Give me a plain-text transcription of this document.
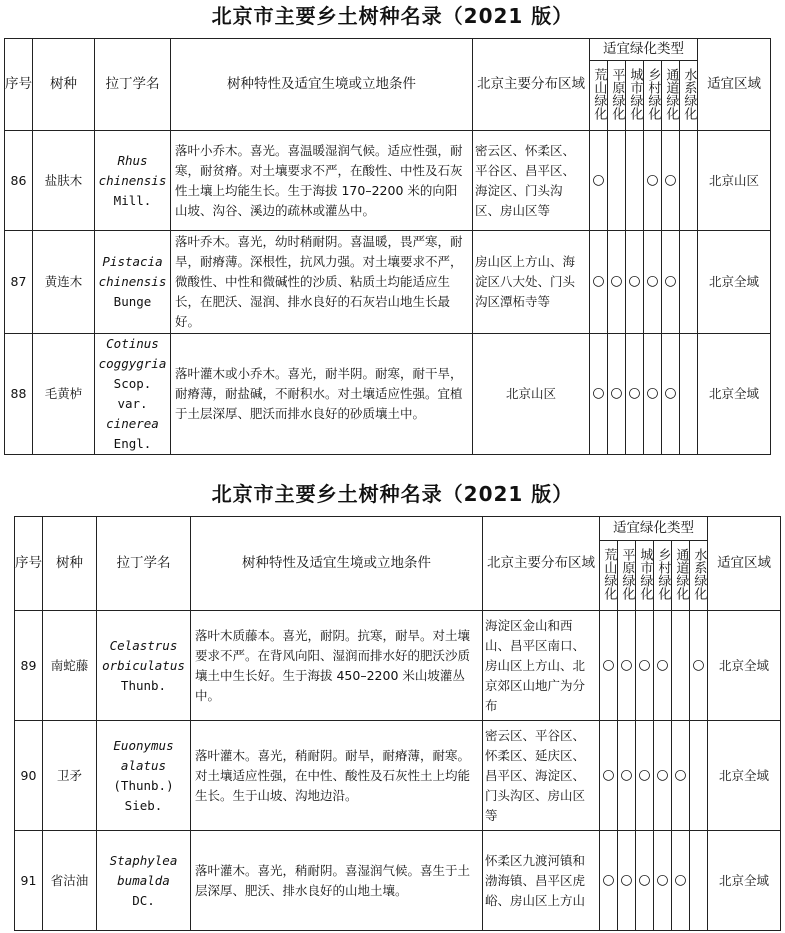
北京市主要乡土树种名录（2021 版）
序号	树种	拉丁学名	树种特性及适宜生境或立地条件	北京主要分布区域	适宜绿化类型						适宜区域
					荒山绿化	平原绿化	城市绿化	乡村绿化	通道绿化	水系绿化	
86	盐肤木	Rhus
chinensis
Mill.	落叶小乔木。喜光。喜温暖湿润气候。适应性强，耐寒，耐贫瘠。对土壤要求不严，在酸性、中性及石灰性土壤上均能生长。生于海拔 170–2200 米的向阳山坡、沟谷、溪边的疏林或灌丛中。	密云区、怀柔区、平谷区、昌平区、海淀区、门头沟区、房山区等	○			○	○		北京山区
87	黄连木	Pistacia
chinensis
Bunge	落叶乔木。喜光，幼时稍耐阴。喜温暖，畏严寒，耐旱，耐瘠薄。深根性，抗风力强。对土壤要求不严，微酸性、中性和微碱性的沙质、粘质土均能适应生长，在肥沃、湿润、排水良好的石灰岩山地生长最好。	房山区上方山、海淀区八大处、门头沟区潭柘寺等	○	○	○	○	○		北京全域
88	毛黄栌	Cotinus
coggygria
Scop. var.
cinerea
Engl.	落叶灌木或小乔木。喜光，耐半阴。耐寒，耐干旱，耐瘠薄，耐盐碱，不耐积水。对土壤适应性强。宜植于土层深厚、肥沃而排水良好的砂质壤土中。	北京山区	○	○	○	○	○		北京全域
北京市主要乡土树种名录（2021 版）
序号	树种	拉丁学名	树种特性及适宜生境或立地条件	北京主要分布区域	适宜绿化类型						适宜区域
					荒山绿化	平原绿化	城市绿化	乡村绿化	通道绿化	水系绿化	
89	南蛇藤	Celastrus
orbiculatus
Thunb.	落叶木质藤本。喜光，耐阴。抗寒，耐旱。对土壤要求不严。在背风向阳、湿润而排水好的肥沃沙质壤土中生长好。生于海拔 450–2200 米山坡灌丛中。	海淀区金山和西山、昌平区南口、房山区上方山、北京郊区山地广为分布	○	○	○	○		○	北京全域
90	卫矛	Euonymus
alatus
(Thunb.)
Sieb.	落叶灌木。喜光，稍耐阴。耐旱，耐瘠薄，耐寒。对土壤适应性强，在中性、酸性及石灰性土上均能生长。生于山坡、沟地边沿。	密云区、平谷区、怀柔区、延庆区、昌平区、海淀区、门头沟区、房山区等	○	○	○	○	○		北京全域
91	省沽油	Staphylea
bumalda
DC.	落叶灌木。喜光，稍耐阴。喜湿润气候。喜生于土层深厚、肥沃、排水良好的山地土壤。	怀柔区九渡河镇和渤海镇、昌平区虎峪、房山区上方山	○	○	○	○	○		北京全域
